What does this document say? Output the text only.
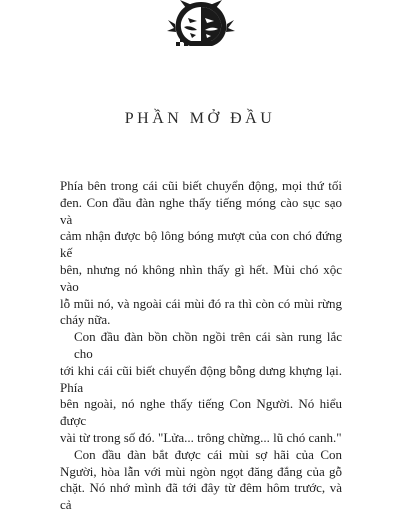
PHẦN MỞ ĐẦU
Phía bên trong cái cũi biết chuyển động, mọi thứ tối
đen. Con đầu đàn nghe thấy tiếng móng cào sục sạo và
cảm nhận được bộ lông bóng mượt của con chó đứng kế
bên, nhưng nó không nhìn thấy gì hết. Mùi chó xộc vào
lỗ mũi nó, và ngoài cái mùi đó ra thì còn có mùi rừng
cháy nữa.
Con đầu đàn bồn chồn ngồi trên cái sàn rung lắc cho
tới khi cái cũi biết chuyển động bỗng dưng khựng lại. Phía
bên ngoài, nó nghe thấy tiếng Con Người. Nó hiểu được
vài từ trong số đó. "Lửa... trông chừng... lũ chó canh."
Con đầu đàn bắt được cái mùi sợ hãi của Con
Người, hòa lẫn với mùi ngòn ngọt đăng đắng của gỗ
chặt. Nó nhớ mình đã tới đây từ đêm hôm trước, và cả
